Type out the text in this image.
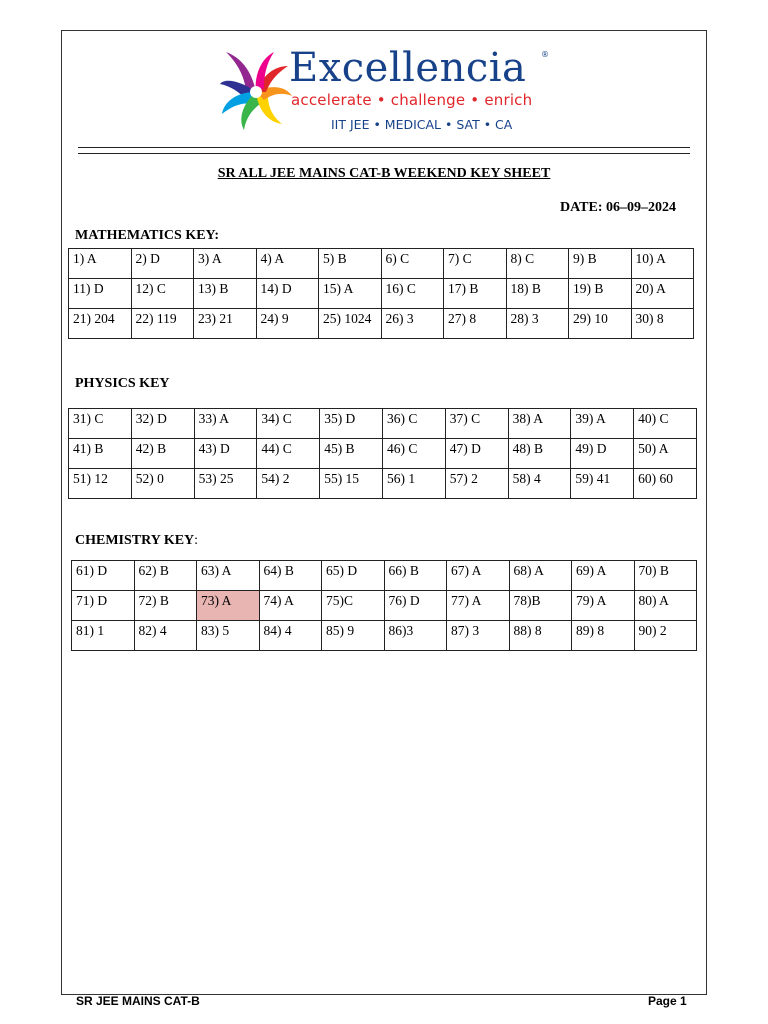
Excellencia ®
accelerate • challenge • enrich
IIT JEE • MEDICAL • SAT • CA
SR ALL JEE MAINS CAT-B WEEKEND KEY SHEET
DATE: 06–09–2024
MATHEMATICS KEY:
1) A	2) D	3) A	4) A	5) B	6) C	7) C	8) C	9) B	10) A
11) D	12) C	13) B	14) D	15) A	16) C	17) B	18) B	19) B	20) A
21) 204	22) 119	23) 21	24) 9	25) 1024	26) 3	27) 8	28) 3	29) 10	30) 8
PHYSICS KEY
31) C	32) D	33) A	34) C	35) D	36) C	37) C	38) A	39) A	40) C
41) B	42) B	43) D	44) C	45) B	46) C	47) D	48) B	49) D	50) A
51) 12	52) 0	53) 25	54) 2	55) 15	56) 1	57) 2	58) 4	59) 41	60) 60
CHEMISTRY KEY:
61) D	62) B	63) A	64) B	65) D	66) B	67) A	68) A	69) A	70) B
71) D	72) B	73) A	74) A	75)C	76) D	77) A	78)B	79) A	80) A
81) 1	82) 4	83) 5	84) 4	85) 9	86)3	87) 3	88) 8	89) 8	90) 2
SR JEE MAINS CAT-B	Page 1
